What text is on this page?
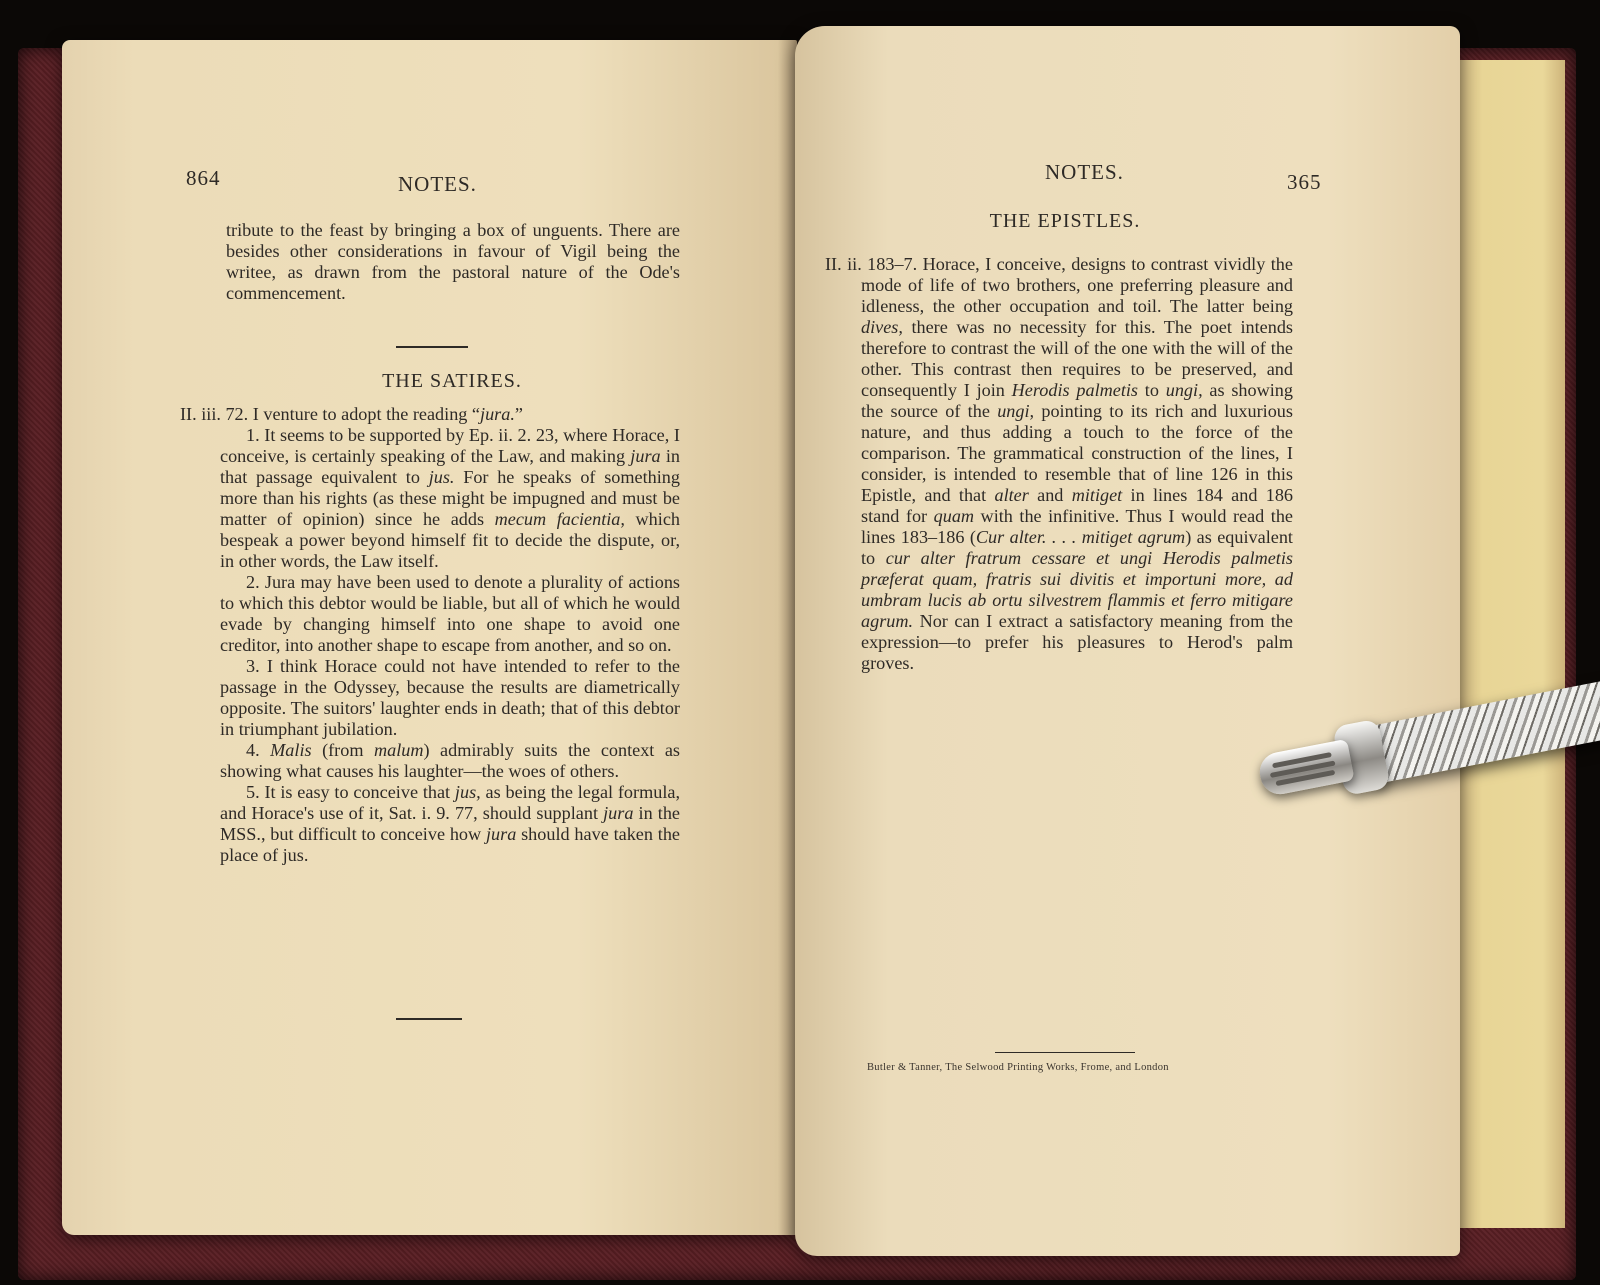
864	NOTES.

tribute to the feast by bringing a box of unguents. There are besides other considerations in favour of Vigil being the writee, as drawn from the pastoral nature of the Ode's commencement.

THE SATIRES.

II. iii. 72. I venture to adopt the reading “jura.”

1. It seems to be supported by Ep. ii. 2. 23, where Horace, I conceive, is certainly speaking of the Law, and making jura in that passage equivalent to jus. For he speaks of something more than his rights (as these might be impugned and must be matter of opinion) since he adds mecum facientia, which bespeak a power beyond himself fit to decide the dispute, or, in other words, the Law itself.

2. Jura may have been used to denote a plurality of actions to which this debtor would be liable, but all of which he would evade by changing himself into one shape to avoid one creditor, into another shape to escape from another, and so on.

3. I think Horace could not have intended to refer to the passage in the Odyssey, because the results are diametrically opposite. The suitors' laughter ends in death; that of this debtor in triumphant jubilation.

4. Malis (from malum) admirably suits the context as showing what causes his laughter—the woes of others.

5. It is easy to conceive that jus, as being the legal formula, and Horace's use of it, Sat. i. 9. 77, should supplant jura in the MSS., but difficult to conceive how jura should have taken the place of jus.

NOTES.	365
THE EPISTLES.

II. ii. 183–7. Horace, I conceive, designs to contrast vividly the mode of life of two brothers, one preferring pleasure and idleness, the other occupation and toil. The latter being dives, there was no necessity for this. The poet intends therefore to contrast the will of the one with the will of the other. This contrast then requires to be preserved, and consequently I join Herodis palmetis to ungi, as showing the source of the ungi, pointing to its rich and luxurious nature, and thus adding a touch to the force of the comparison. The grammatical construction of the lines, I consider, is intended to resemble that of line 126 in this Epistle, and that alter and mitiget in lines 184 and 186 stand for quam with the infinitive. Thus I would read the lines 183–186 (Cur alter. . . . mitiget agrum) as equivalent to cur alter fratrum cessare et ungi Herodis palmetis præferat quam, fratris sui divitis et importuni more, ad umbram lucis ab ortu silvestrem flammis et ferro mitigare agrum. Nor can I extract a satisfactory meaning from the expression—to prefer his pleasures to Herod's palm groves.

Butler & Tanner, The Selwood Printing Works, Frome, and London
